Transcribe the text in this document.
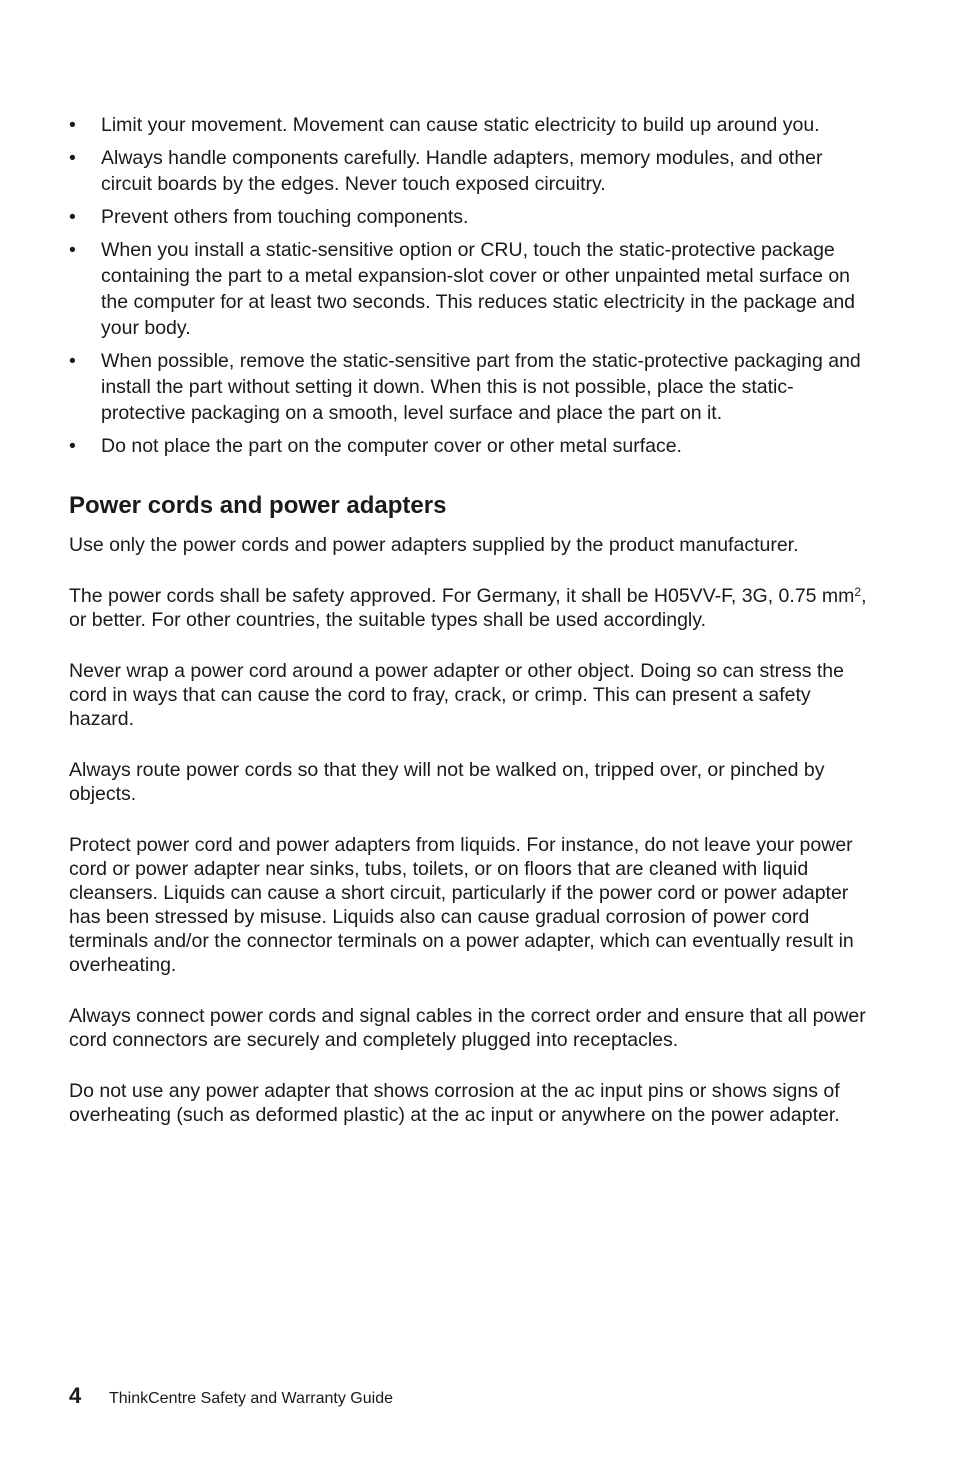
•	Limit your movement. Movement can cause static electricity to build up around you.
•	Always handle components carefully. Handle adapters, memory modules, and other circuit boards by the edges. Never touch exposed circuitry.
•	Prevent others from touching components.
•	When you install a static-sensitive option or CRU, touch the static-protective package containing the part to a metal expansion-slot cover or other unpainted metal surface on the computer for at least two seconds. This reduces static electricity in the package and your body.
•	When possible, remove the static-sensitive part from the static-protective packaging and install the part without setting it down. When this is not possible, place the static-protective packaging on a smooth, level surface and place the part on it.
•	Do not place the part on the computer cover or other metal surface.
Power cords and power adapters

Use only the power cords and power adapters supplied by the product manufacturer.

The power cords shall be safety approved. For Germany, it shall be H05VV-F, 3G, 0.75 $mm^2$, or better. For other countries, the suitable types shall be used accordingly.

Never wrap a power cord around a power adapter or other object. Doing so can stress the cord in ways that can cause the cord to fray, crack, or crimp. This can present a safety hazard.

Always route power cords so that they will not be walked on, tripped over, or pinched by objects.

Protect power cord and power adapters from liquids. For instance, do not leave your power cord or power adapter near sinks, tubs, toilets, or on floors that are cleaned with liquid cleansers. Liquids can cause a short circuit, particularly if the power cord or power adapter has been stressed by misuse. Liquids also can cause gradual corrosion of power cord terminals and/or the connector terminals on a power adapter, which can eventually result in overheating.

Always connect power cords and signal cables in the correct order and ensure that all power cord connectors are securely and completely plugged into receptacles.

Do not use any power adapter that shows corrosion at the ac input pins or shows signs of overheating (such as deformed plastic) at the ac input or anywhere on the power adapter.

4	ThinkCentre Safety and Warranty Guide
